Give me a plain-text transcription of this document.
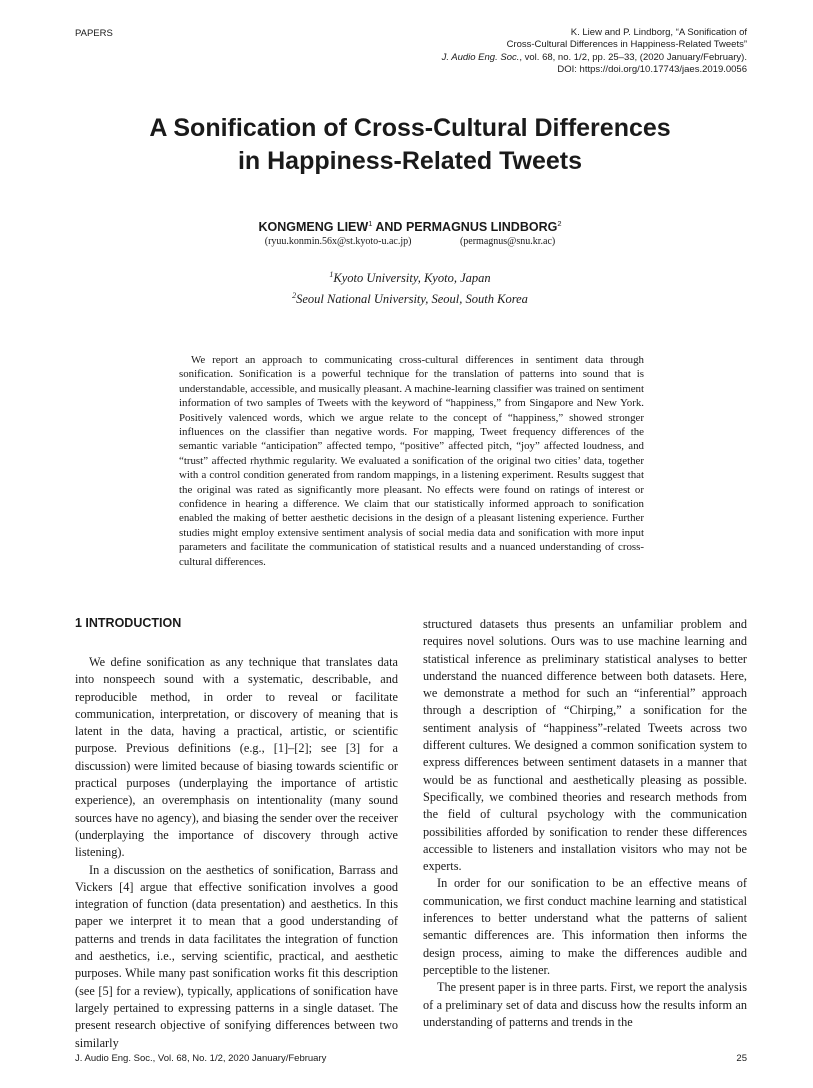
PAPERS	K. Liew and P. Lindborg, “A Sonification of
Cross-Cultural Differences in Happiness-Related Tweets”
J. Audio Eng. Soc., vol. 68, no. 1/2, pp. 25–33, (2020 January/February).
DOI: https://doi.org/10.17743/jaes.2019.0056
A Sonification of Cross-Cultural Differences
in Happiness-Related Tweets
KONGMENG LIEW$^1$ AND PERMAGNUS LINDBORG$^2$
(ryuu.konmin.56x@st.kyoto-u.ac.jp)	(permagnus@snu.kr.ac)
$^1$Kyoto University, Kyoto, Japan
$^2$Seoul National University, Seoul, South Korea

We report an approach to communicating cross-cultural differences in sentiment data through sonification. Sonification is a powerful technique for the translation of patterns into sound that is understandable, accessible, and musically pleasant. A machine-learning classifier was trained on sentiment information of two samples of Tweets with the keyword of “happiness,” from Singapore and New York. Positively valenced words, which we argue relate to the concept of “happiness,” showed stronger influences on the classifier than negative words. For mapping, Tweet frequency differences of the semantic variable “anticipation” affected tempo, “positive” affected pitch, “joy” affected loudness, and “trust” affected rhythmic regularity. We evaluated a sonification of the original two cities’ data, together with a control condition generated from random mappings, in a listening experiment. Results suggest that the original was rated as significantly more pleasant. No effects were found on ratings of interest or confidence in hearing a difference. We claim that our statistically informed approach to sonification enabled the making of better aesthetic decisions in the design of a pleasant listening experience. Further studies might employ extensive sentiment analysis of social media data and sonification with more input parameters and facilitate the communication of statistical results and a nuanced understanding of cross-cultural differences.

1 INTRODUCTION

We define sonification as any technique that translates data into nonspeech sound with a systematic, describable, and reproducible method, in order to reveal or facilitate communication, interpretation, or discovery of meaning that is latent in the data, having a practical, artistic, or scientific purpose. Previous definitions (e.g., [1]–[2]; see [3] for a discussion) were limited because of biasing towards scientific or practical purposes (underplaying the importance of artistic experience), an overemphasis on intentionality (many sound sources have no agency), and biasing the sender over the receiver (underplaying the importance of discovery through active listening).

In a discussion on the aesthetics of sonification, Barrass and Vickers [4] argue that effective sonification involves a good integration of function (data presentation) and aesthetics. In this paper we interpret it to mean that a good understanding of patterns and trends in data facilitates the integration of function and aesthetics, i.e., serving scientific, practical, and aesthetic purposes. While many past sonification works fit this description (see [5] for a review), typically, applications of sonification have largely pertained to expressing patterns in a single dataset. The present research objective of sonifying differences between two similarly

structured datasets thus presents an unfamiliar problem and requires novel solutions. Ours was to use machine learning and statistical inference as preliminary statistical analyses to better understand the nuanced difference between both datasets. Here, we demonstrate a method for such an “inferential” approach through a description of “Chirping,” a sonification for the sentiment analysis of “happiness”-related Tweets across two different cultures. We designed a common sonification system to express differences between sentiment datasets in a manner that would be as functional and aesthetically pleasing as possible. Specifically, we combined theories and research methods from the field of cultural psychology with the communication possibilities afforded by sonification to render these differences accessible to listeners and installation visitors who may not be experts.

In order for our sonification to be an effective means of communication, we first conduct machine learning and statistical inferences to better understand what the patterns of salient semantic differences are. This information then informs the design process, aiming to make the differences audible and perceptible to the listener.

The present paper is in three parts. First, we report the analysis of a preliminary set of data and discuss how the results inform an understanding of patterns and trends in the

J. Audio Eng. Soc., Vol. 68, No. 1/2, 2020 January/February	25
